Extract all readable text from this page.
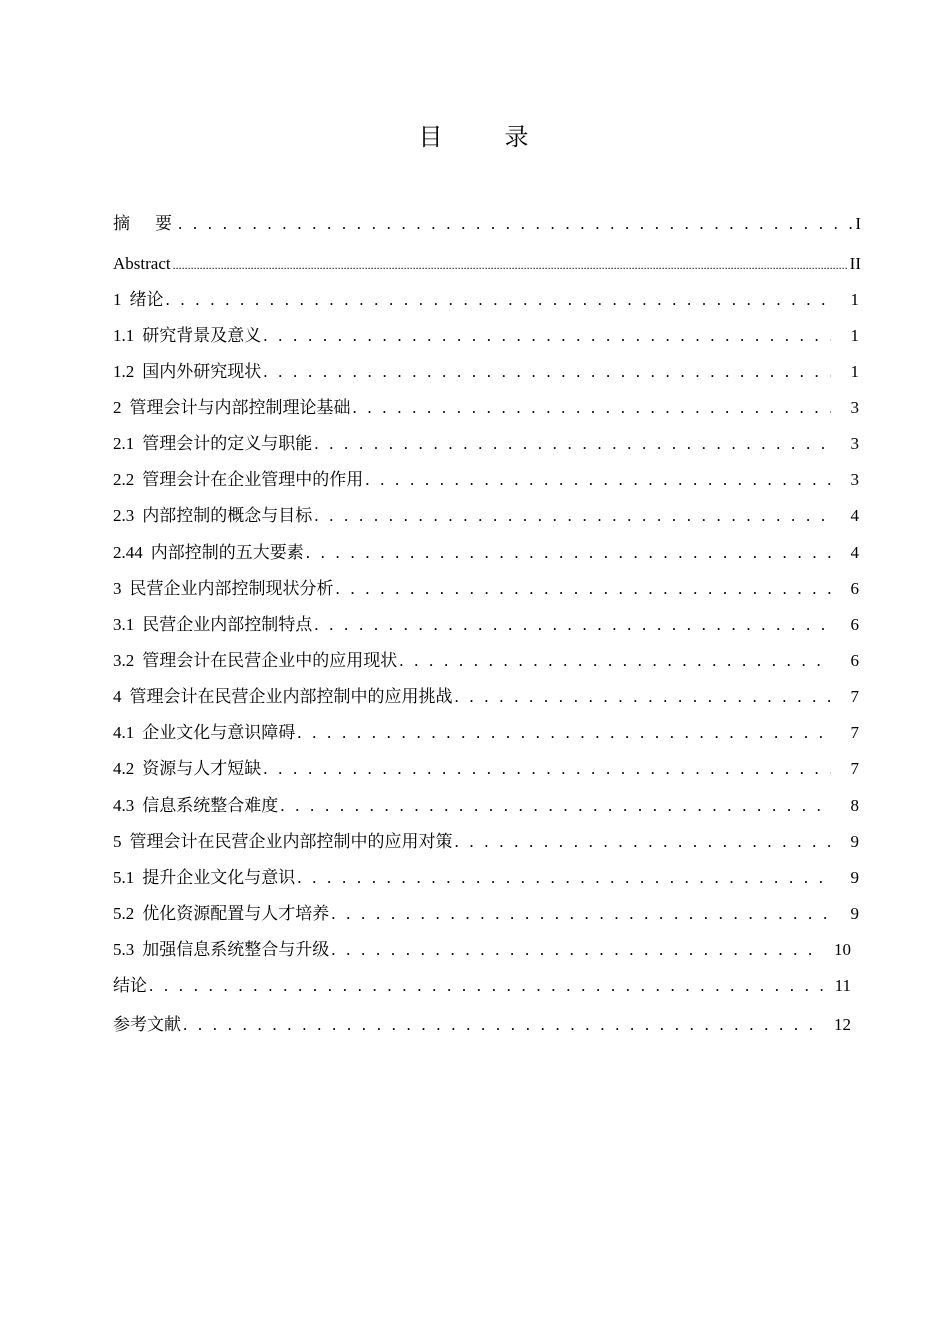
目 录
摘　要 . . .	I
Abstract .....	II
1 绪论 . . .	1
1.1 研究背景及意义 . . .	1
1.2 国内外研究现状 . . .	1
2 管理会计与内部控制理论基础 . . .	3
2.1 管理会计的定义与职能 . . .	3
2.2 管理会计在企业管理中的作用 . . .	3
2.3 内部控制的概念与目标 . . .	4
2.44 内部控制的五大要素 . . .	4
3 民营企业内部控制现状分析 . . .	6
3.1 民营企业内部控制特点 . . .	6
3.2 管理会计在民营企业中的应用现状 . . .	6
4 管理会计在民营企业内部控制中的应用挑战 . . .	7
4.1 企业文化与意识障碍 . . .	7
4.2 资源与人才短缺 . . .	7
4.3 信息系统整合难度 . . .	8
5 管理会计在民营企业内部控制中的应用对策 . . .	9
5.1 提升企业文化与意识 . . .	9
5.2 优化资源配置与人才培养 . . .	9
5.3 加强信息系统整合与升级 . . .	10
结论 . . .	11
参考文献 . . .	12
